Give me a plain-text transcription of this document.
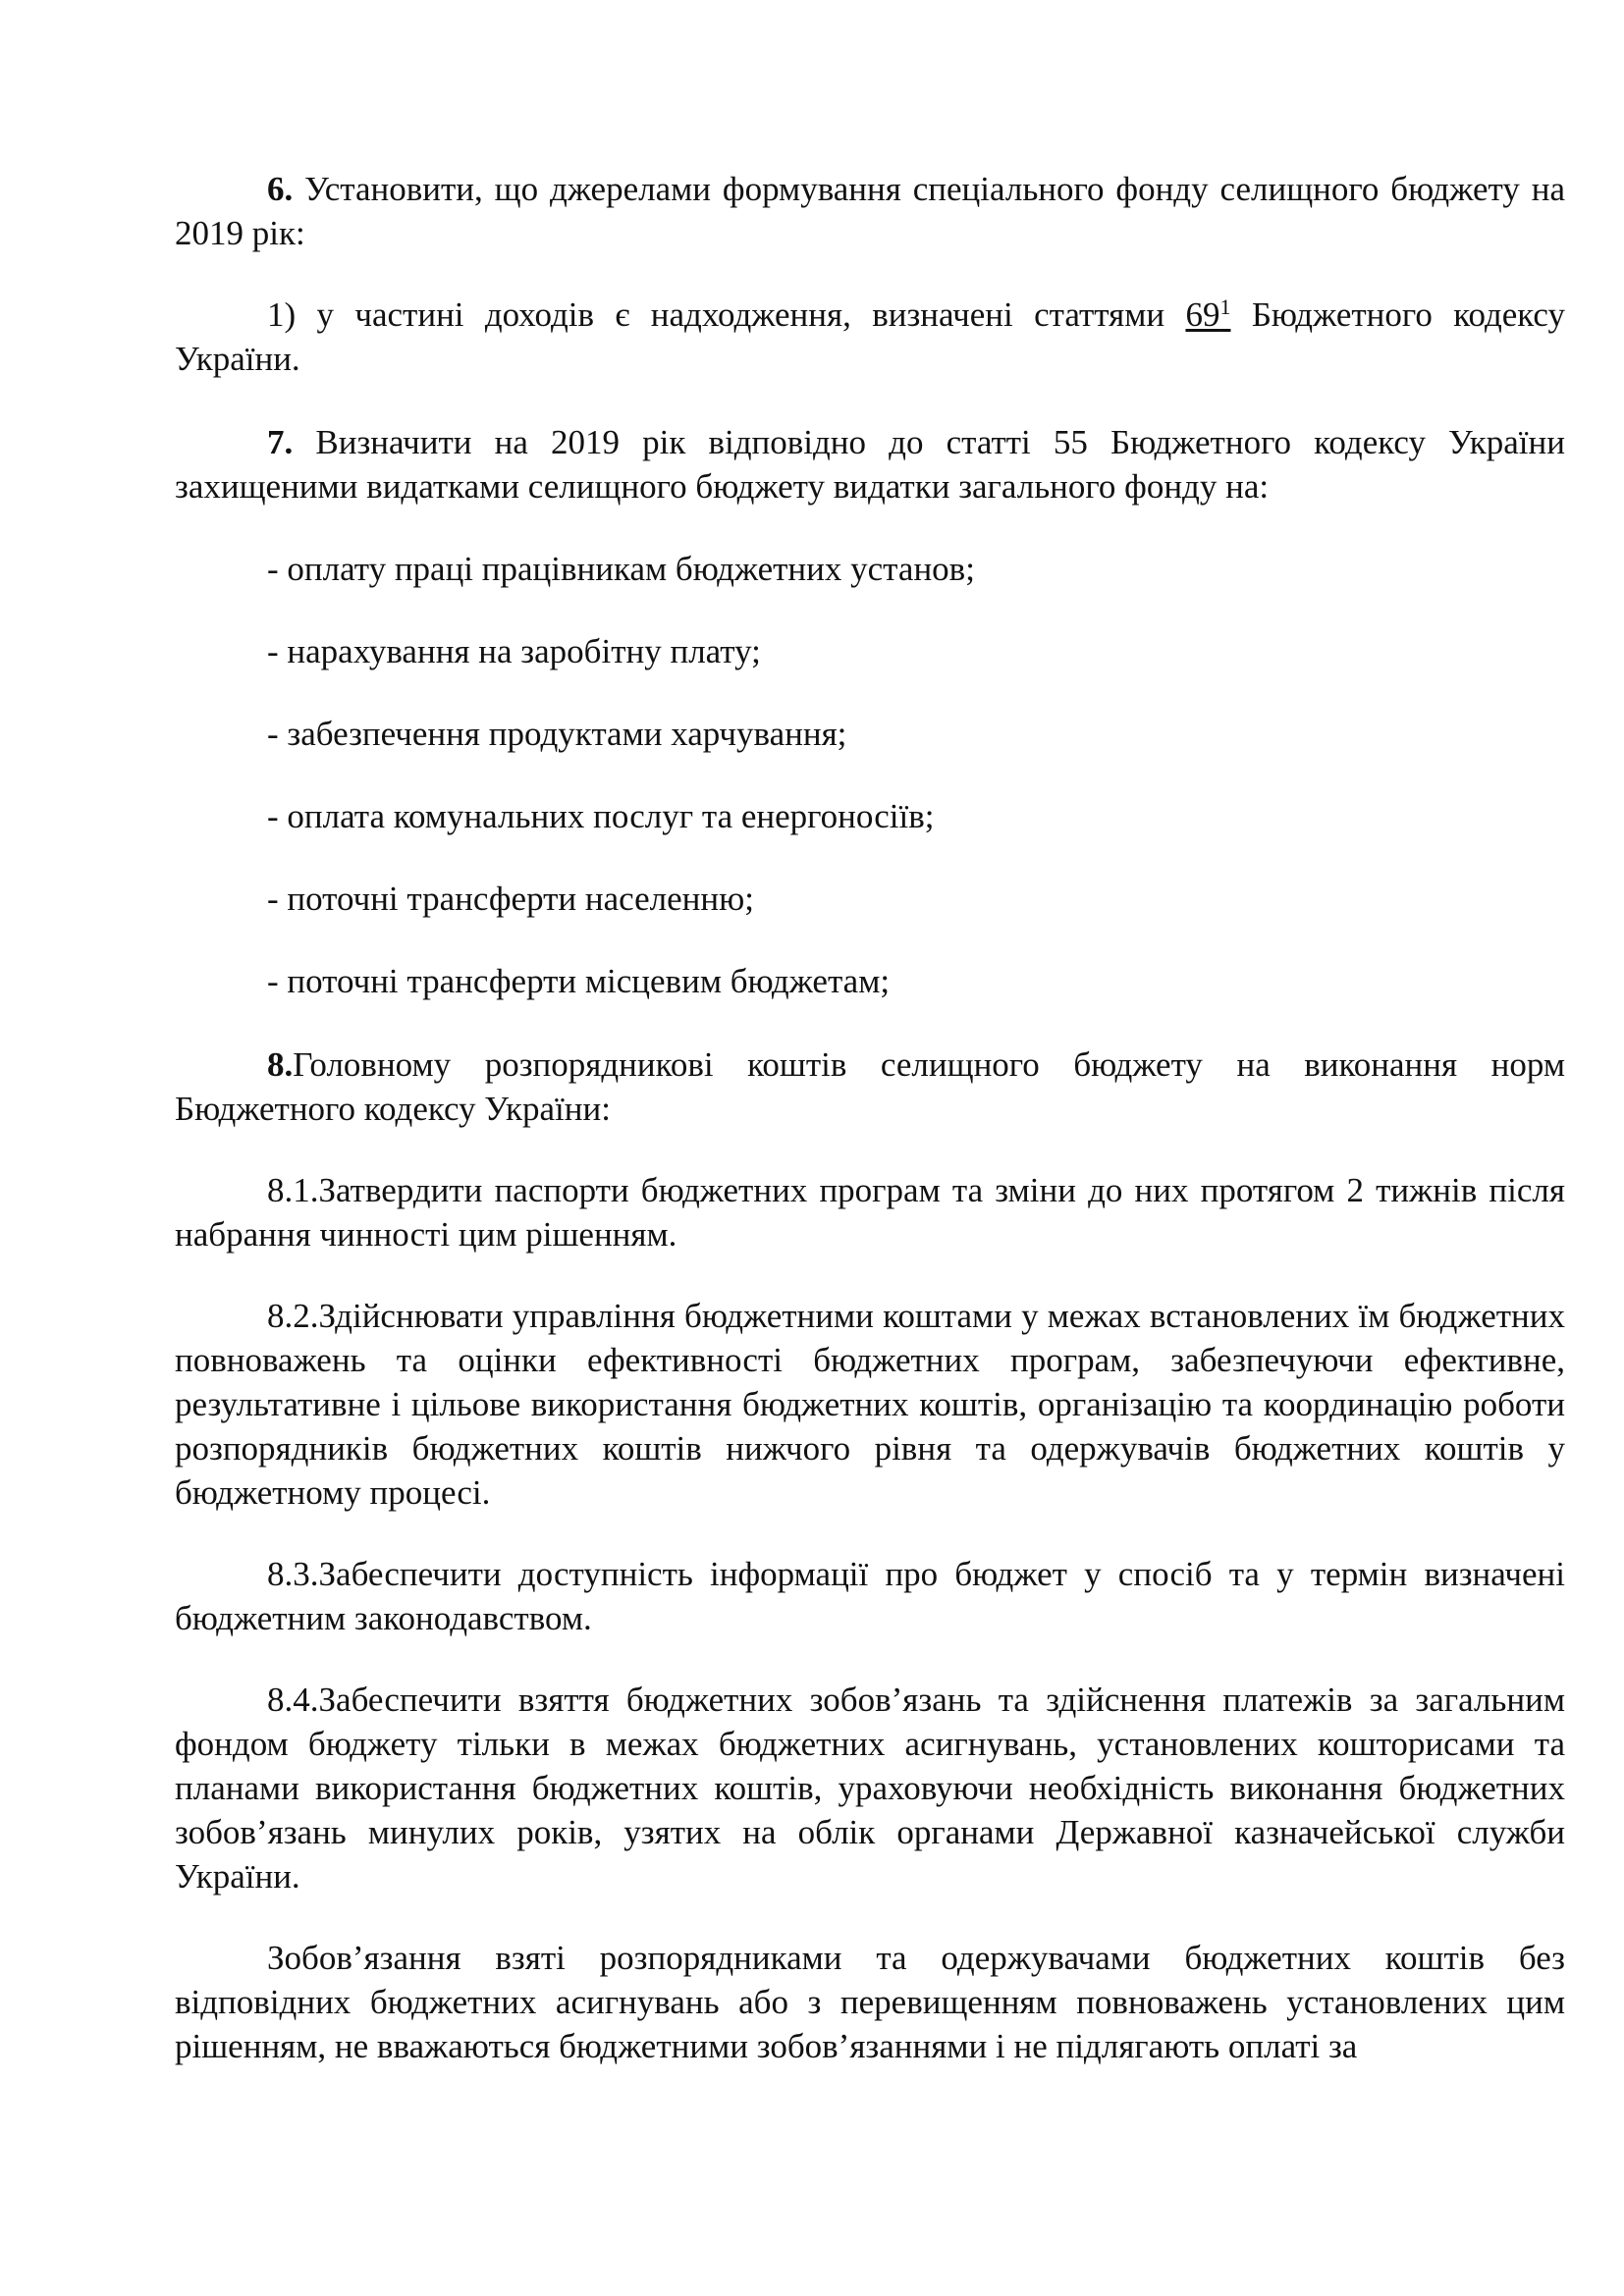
6. Установити, що джерелами формування спеціального фонду селищного бюджету на 2019 рік:

1) у частині доходів є надходження, визначені статтями $69^1$ Бюджетного кодексу України.

7. Визначити на 2019 рік відповідно до статті 55 Бюджетного кодексу України захищеними видатками селищного бюджету видатки загального фонду на:

- оплату праці працівникам бюджетних установ;

- нарахування на заробітну плату;

- забезпечення продуктами харчування;

- оплата комунальних послуг та енергоносіїв;

- поточні трансферти населенню;

- поточні трансферти місцевим бюджетам;

8.Головному розпорядникові коштів селищного бюджету на виконання норм Бюджетного кодексу України:

8.1.Затвердити паспорти бюджетних програм та зміни до них протягом 2 тижнів після набрання чинності цим рішенням.

8.2.Здійснювати управління бюджетними коштами у межах встановлених їм бюджетних повноважень та оцінки ефективності бюджетних програм, забезпечуючи ефективне, результативне і цільове використання бюджетних коштів, організацію та координацію роботи розпорядників бюджетних коштів нижчого рівня та одержувачів бюджетних коштів у бюджетному процесі.

8.3.Забеспечити доступність інформації про бюджет у спосіб та у термін визначені бюджетним законодавством.

8.4.Забеспечити взяття бюджетних зобов’язань та здійснення платежів за загальним фондом бюджету тільки в межах бюджетних асигнувань, установлених кошторисами та планами використання бюджетних коштів, ураховуючи необхідність виконання бюджетних зобов’язань минулих років, узятих на облік органами Державної казначейської служби України.

Зобов’язання взяті розпорядниками та одержувачами бюджетних коштів без відповідних бюджетних асигнувань або з перевищенням повноважень установлених цим рішенням, не вважаються бюджетними зобов’язаннями і не підлягають оплаті за
